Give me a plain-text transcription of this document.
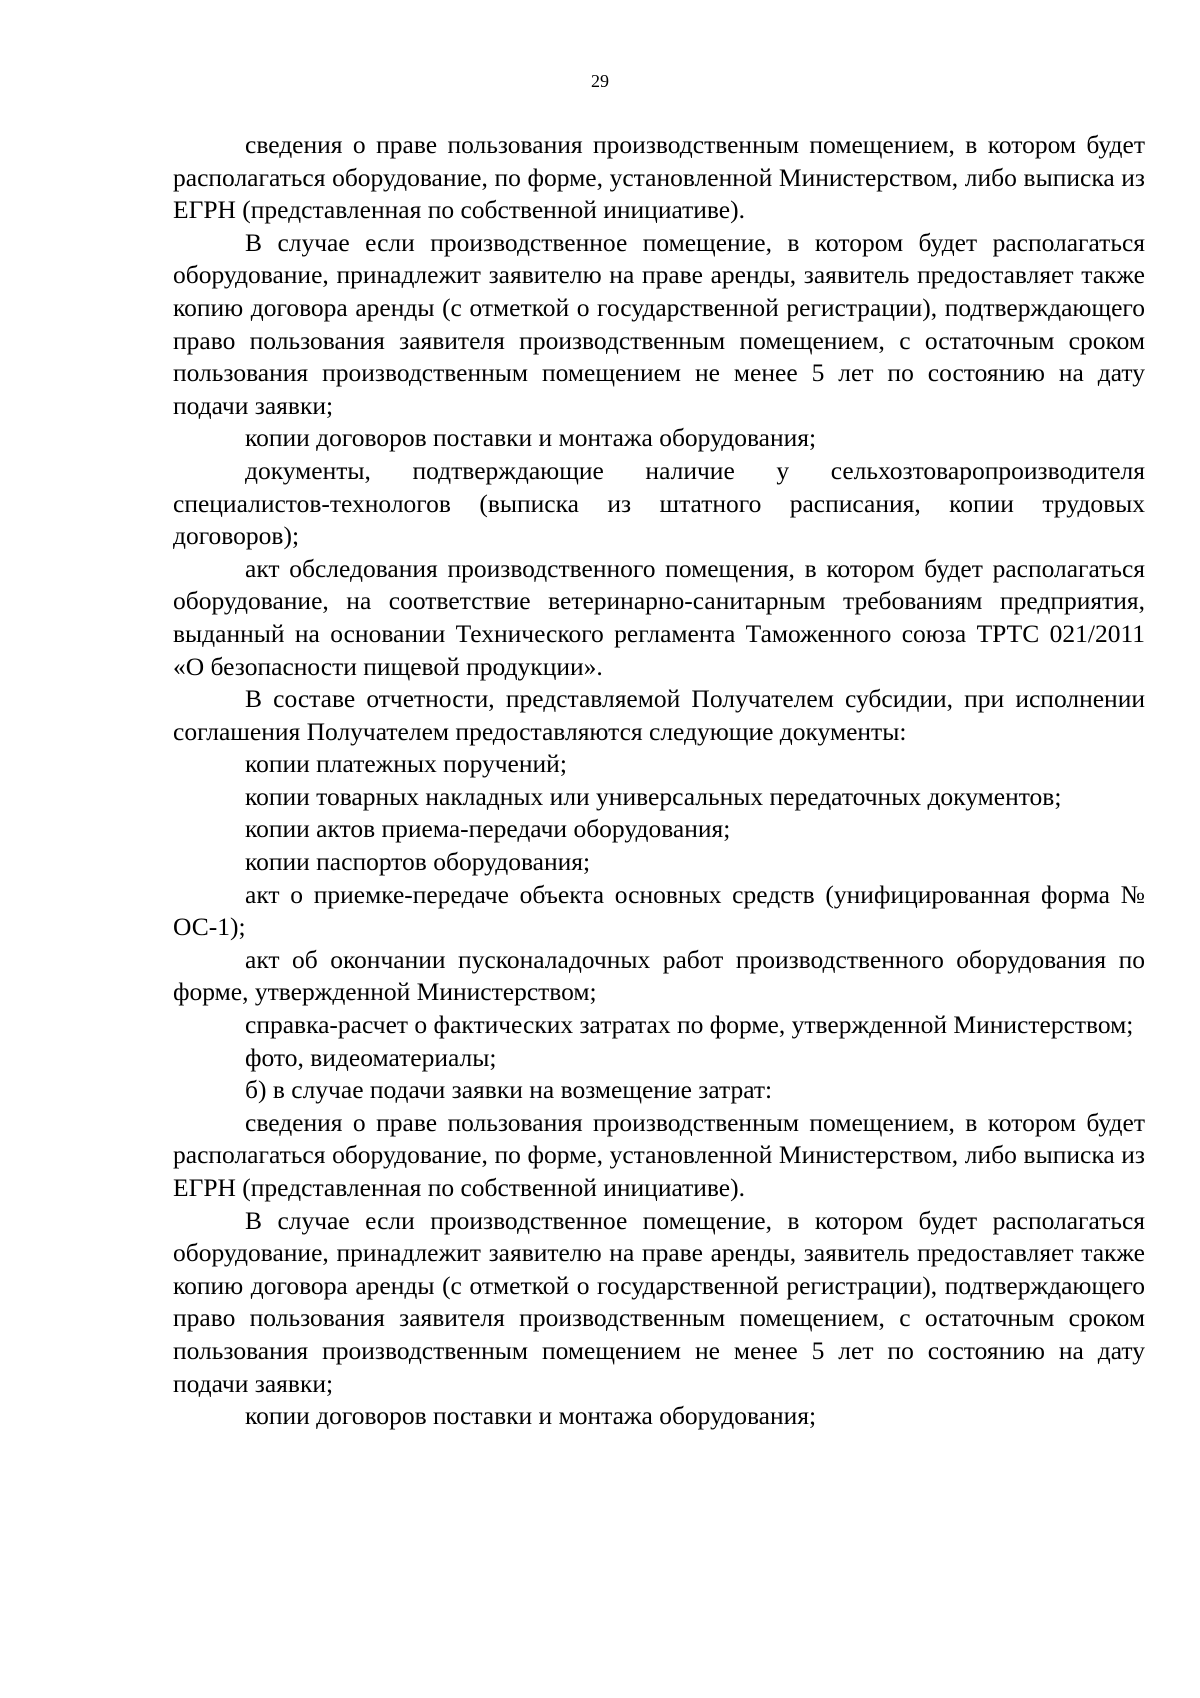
29

сведения о праве пользования производственным помещением, в котором будет располагаться оборудование, по форме, установленной Министерством, либо выписка из ЕГРН (представленная по собственной инициативе).

В случае если производственное помещение, в котором будет располагаться оборудование, принадлежит заявителю на праве аренды, заявитель предоставляет также копию договора аренды (с отметкой о государственной регистрации), подтверждающего право пользования заявителя производственным помещением, с остаточным сроком пользования производственным помещением не менее 5 лет по состоянию на дату подачи заявки;

копии договоров поставки и монтажа оборудования;

документы, подтверждающие наличие у сельхозтоваропроизводителя специалистов-технологов (выписка из штатного расписания, копии трудовых договоров);

акт обследования производственного помещения, в котором будет располагаться оборудование, на соответствие ветеринарно-санитарным требованиям предприятия, выданный на основании Технического регламента Таможенного союза ТРТС 021/2011 «О безопасности пищевой продукции».

В составе отчетности, представляемой Получателем субсидии, при исполнении соглашения Получателем предоставляются следующие документы:

копии платежных поручений;

копии товарных накладных или универсальных передаточных документов;

копии актов приема-передачи оборудования;

копии паспортов оборудования;

акт о приемке-передаче объекта основных средств (унифицированная форма № ОС-1);

акт об окончании пусконаладочных работ производственного оборудования по форме, утвержденной Министерством;

справка-расчет о фактических затратах по форме, утвержденной Министерством;

фото, видеоматериалы;

б) в случае подачи заявки на возмещение затрат:

сведения о праве пользования производственным помещением, в котором будет располагаться оборудование, по форме, установленной Министерством, либо выписка из ЕГРН (представленная по собственной инициативе).

В случае если производственное помещение, в котором будет располагаться оборудование, принадлежит заявителю на праве аренды, заявитель предоставляет также копию договора аренды (с отметкой о государственной регистрации), подтверждающего право пользования заявителя производственным помещением, с остаточным сроком пользования производственным помещением не менее 5 лет по состоянию на дату подачи заявки;

копии договоров поставки и монтажа оборудования;
